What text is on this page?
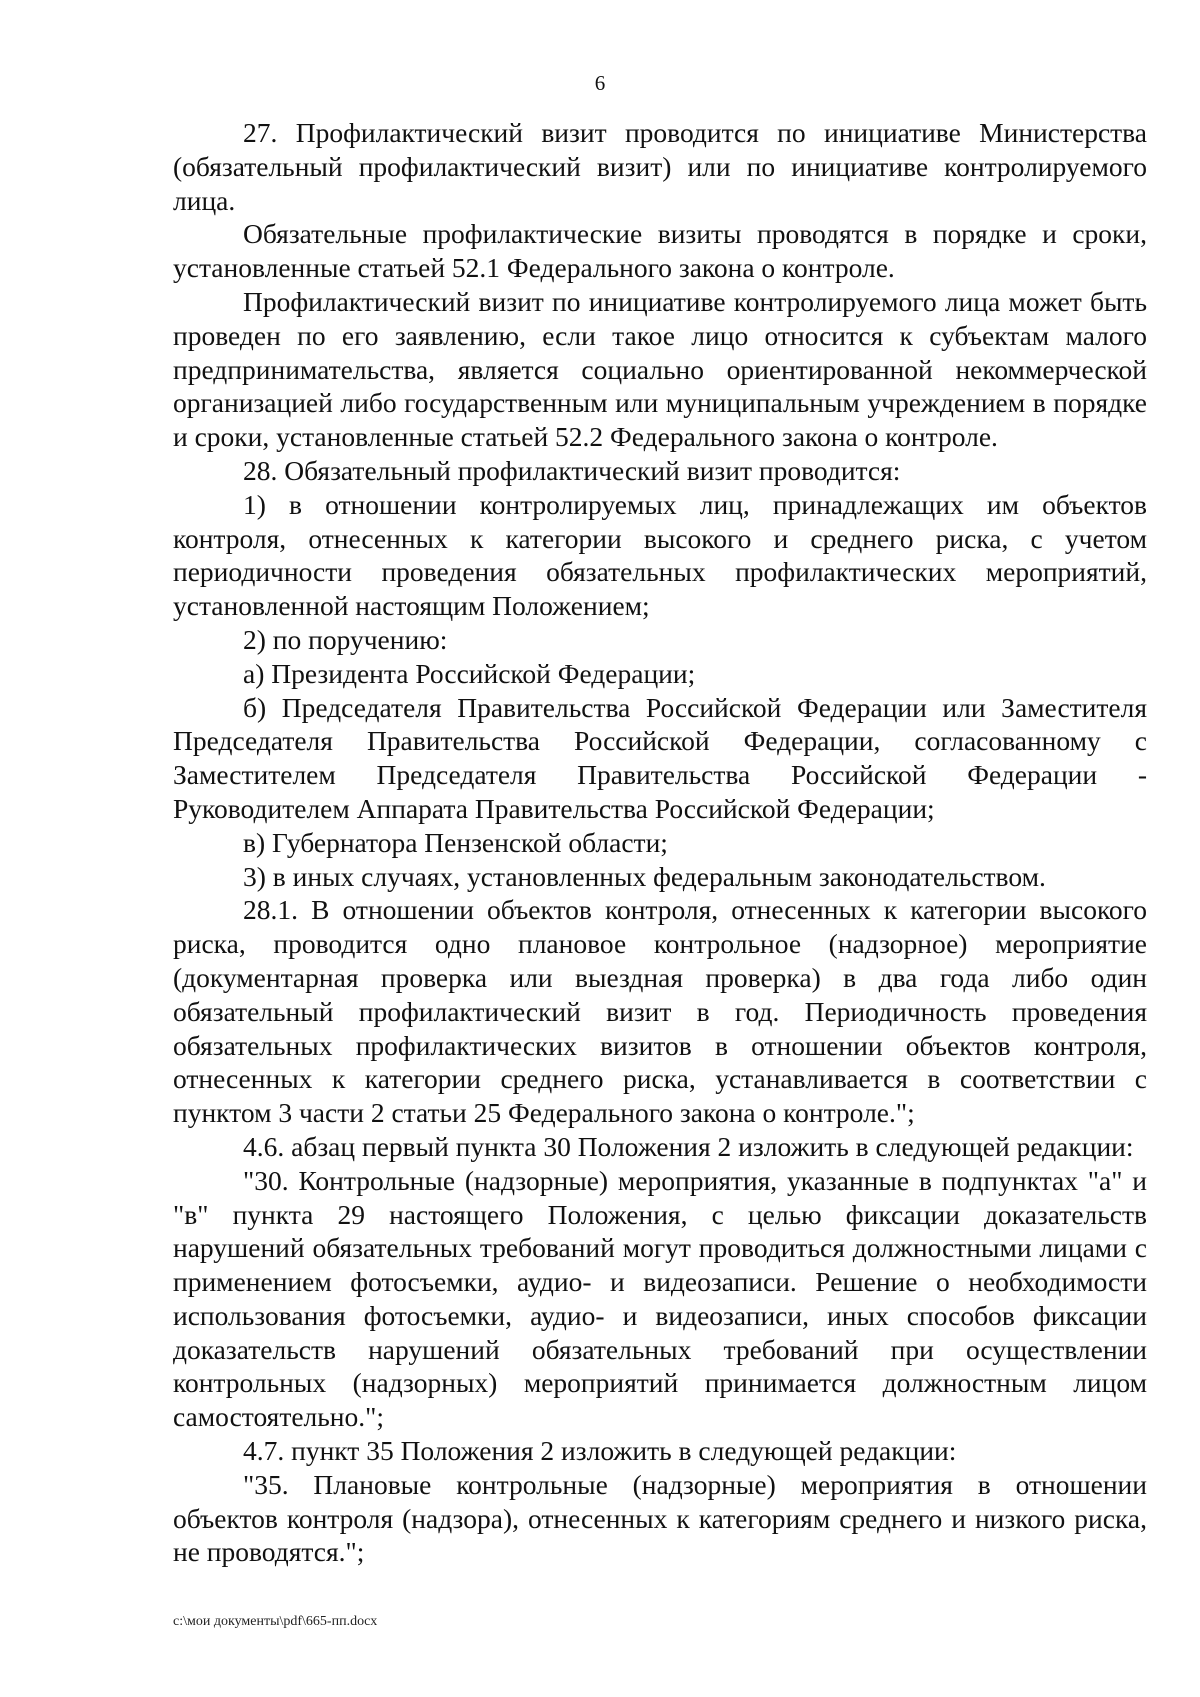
6

27. Профилактический визит проводится по инициативе Министерства (обязательный профилактический визит) или по инициативе контролируемого лица.

Обязательные профилактические визиты проводятся в порядке и сроки, установленные статьей 52.1 Федерального закона о контроле.

Профилактический визит по инициативе контролируемого лица может быть проведен по его заявлению, если такое лицо относится к субъектам малого предпринимательства, является социально ориентированной некоммерческой организацией либо государственным или муниципальным учреждением в порядке и сроки, установленные статьей 52.2 Федерального закона о контроле.

28. Обязательный профилактический визит проводится:

1) в отношении контролируемых лиц, принадлежащих им объектов контроля, отнесенных к категории высокого и среднего риска, с учетом периодичности проведения обязательных профилактических мероприятий, установленной настоящим Положением;

2) по поручению:

а) Президента Российской Федерации;

б) Председателя Правительства Российской Федерации или Заместителя Председателя Правительства Российской Федерации, согласованному с Заместителем Председателя Правительства Российской Федерации - Руководителем Аппарата Правительства Российской Федерации;

в) Губернатора Пензенской области;

3) в иных случаях, установленных федеральным законодательством.

28.1. В отношении объектов контроля, отнесенных к категории высокого риска, проводится одно плановое контрольное (надзорное) мероприятие (документарная проверка или выездная проверка) в два года либо один обязательный профилактический визит в год. Периодичность проведения обязательных профилактических визитов в отношении объектов контроля, отнесенных к категории среднего риска, устанавливается в соответствии с пунктом 3 части 2 статьи 25 Федерального закона о контроле.";

4.6. абзац первый пункта 30 Положения 2 изложить в следующей редакции:

"30. Контрольные (надзорные) мероприятия, указанные в подпунктах "а" и "в" пункта 29 настоящего Положения, с целью фиксации доказательств нарушений обязательных требований могут проводиться должностными лицами с применением фотосъемки, аудио- и видеозаписи. Решение о необходимости использования фотосъемки, аудио- и видеозаписи, иных способов фиксации доказательств нарушений обязательных требований при осуществлении контрольных (надзорных) мероприятий принимается должностным лицом самостоятельно.";

4.7. пункт 35 Положения 2 изложить в следующей редакции:

"35. Плановые контрольные (надзорные) мероприятия в отношении объектов контроля (надзора), отнесенных к категориям среднего и низкого риска, не проводятся.";

c:\мои документы\pdf\665-пп.docx
